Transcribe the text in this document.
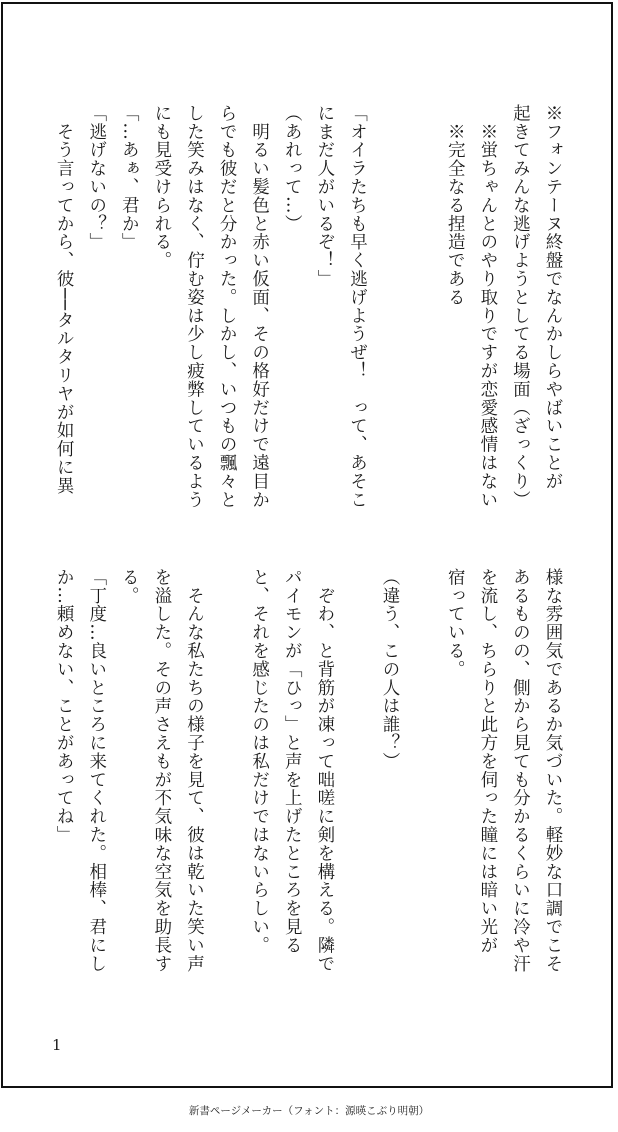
※フォンテーヌ終盤でなんかしらやばいことが

起きてみんな逃げようとしてる場面（ざっくり）

　※蛍ちゃんとのやり取りですが恋愛感情はない

　※完全なる捏造である

「オイラたちも早く逃げようぜ！　って、あそこ

にまだ人がいるぞ！」

（あれって…）

　明るい髪色と赤い仮面、その格好だけで遠目か

らでも彼だと分かった。しかし、いつもの飄々と

した笑みはなく、佇む姿は少し疲弊しているよう

にも見受けられる。

「…あぁ、君か」

「逃げないの？」

　そう言ってから、彼──タルタリヤが如何に異

様な雰囲気であるか気づいた。軽妙な口調でこそ

あるものの、側から見ても分かるくらいに冷や汗

を流し、ちらりと此方を伺った瞳には暗い光が

宿っている。

（違う、この人は誰？）

　ぞわ、と背筋が凍って咄嗟に剣を構える。隣で

パイモンが「ひっ」と声を上げたところを見る

と、それを感じたのは私だけではないらしい。

　そんな私たちの様子を見て、彼は乾いた笑い声

を溢した。その声さえもが不気味な空気を助長す

る。

「丁度…良いところに来てくれた。相棒、君にし

か…頼めない、ことがあってね」

1
新書ページメーカー（フォント：源暎こぶり明朝）
